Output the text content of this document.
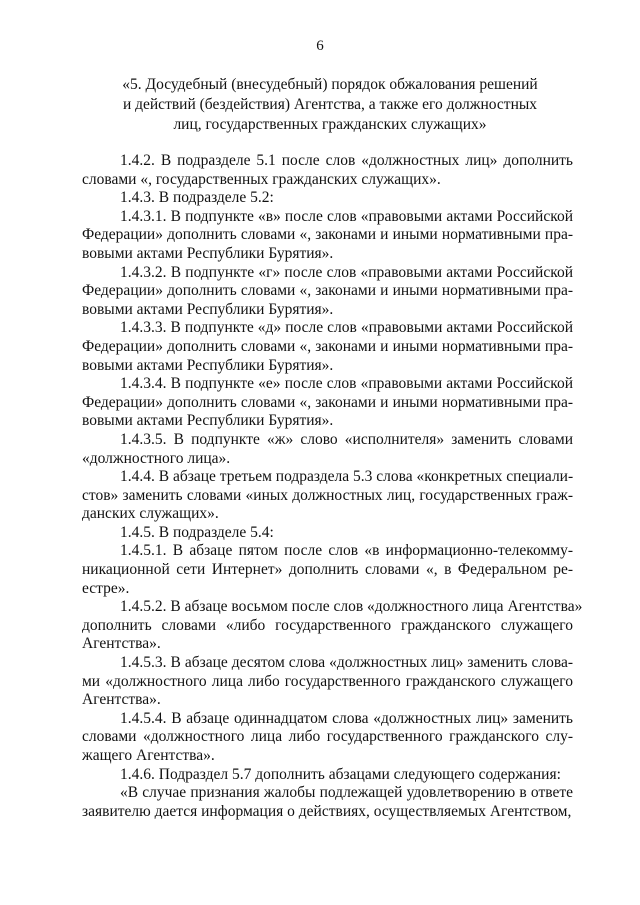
6
«5. Досудебный (внесудебный) порядок обжалования решений
и действий (бездействия) Агентства, а также его должностных
лиц, государственных гражданских служащих»
1.4.2. В подразделе 5.1 после слов «должностных лиц» дополнить
словами «, государственных гражданских служащих».
1.4.3. В подразделе 5.2:
1.4.3.1. В подпункте «в» после слов «правовыми актами Российской
Федерации» дополнить словами «, законами и иными нормативными пра-
вовыми актами Республики Бурятия».
1.4.3.2. В подпункте «г» после слов «правовыми актами Российской
Федерации» дополнить словами «, законами и иными нормативными пра-
вовыми актами Республики Бурятия».
1.4.3.3. В подпункте «д» после слов «правовыми актами Российской
Федерации» дополнить словами «, законами и иными нормативными пра-
вовыми актами Республики Бурятия».
1.4.3.4. В подпункте «е» после слов «правовыми актами Российской
Федерации» дополнить словами «, законами и иными нормативными пра-
вовыми актами Республики Бурятия».
1.4.3.5. В подпункте «ж» слово «исполнителя» заменить словами
«должностного лица».
1.4.4. В абзаце третьем подраздела 5.3 слова «конкретных специали-
стов» заменить словами «иных должностных лиц, государственных граж-
данских служащих».
1.4.5. В подразделе 5.4:
1.4.5.1. В абзаце пятом после слов «в информационно-телекомму-
никационной сети Интернет» дополнить словами «, в Федеральном ре-
естре».
1.4.5.2. В абзаце восьмом после слов «должностного лица Агентства»
дополнить словами «либо государственного гражданского служащего
Агентства».
1.4.5.3. В абзаце десятом слова «должностных лиц» заменить слова-
ми «должностного лица либо государственного гражданского служащего
Агентства».
1.4.5.4. В абзаце одиннадцатом слова «должностных лиц» заменить
словами «должностного лица либо государственного гражданского слу-
жащего Агентства».
1.4.6. Подраздел 5.7 дополнить абзацами следующего содержания:
«В случае признания жалобы подлежащей удовлетворению в ответе
заявителю дается информация о действиях, осуществляемых Агентством,
